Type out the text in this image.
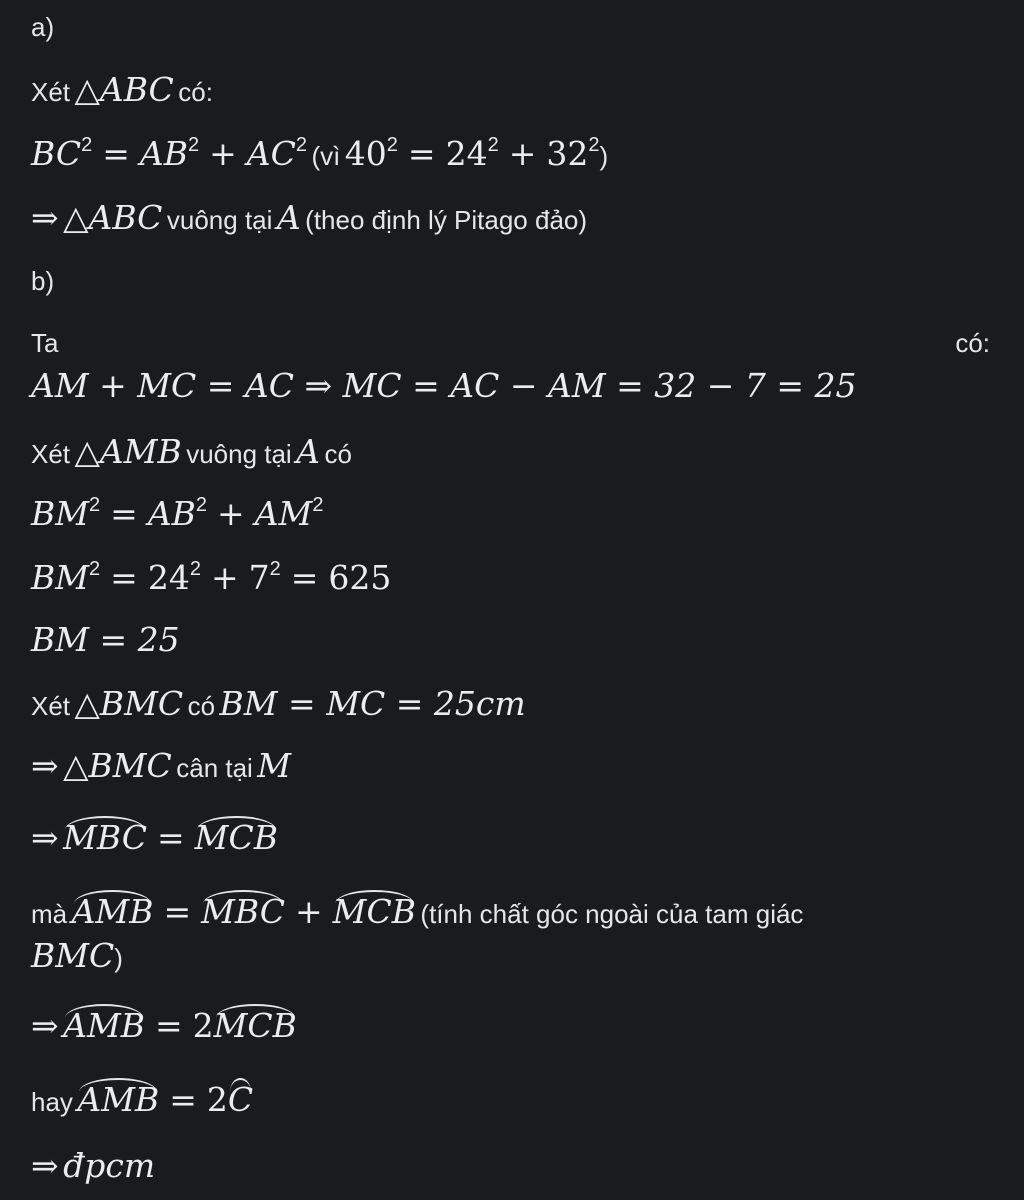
a)
Xét △ABC có:
$BC^2 = AB^2 + AC^2$ (vì $40^2 = 24^2 + 32^2$)
⇒ △ABC vuông tại A (theo định lý Pitago đảo)
b)
Ta	có:
AM + MC = AC ⇒ MC = AC − AM = 32 − 7 = 25
Xét △AMB vuông tại A có
$BM^2 = AB^2 + AM^2$
$BM^2 = 24^2 + 7^2 = 625$
BM = 25
Xét △BMC có BM = MC = 25cm
⇒ △BMC cân tại M
⇒ MBC = MCB
mà AMB = MBC + MCB (tính chất góc ngoài của tam giác
BMC)
⇒ AMB = 2MCB
hay AMB = 2C
⇒ đpcm
